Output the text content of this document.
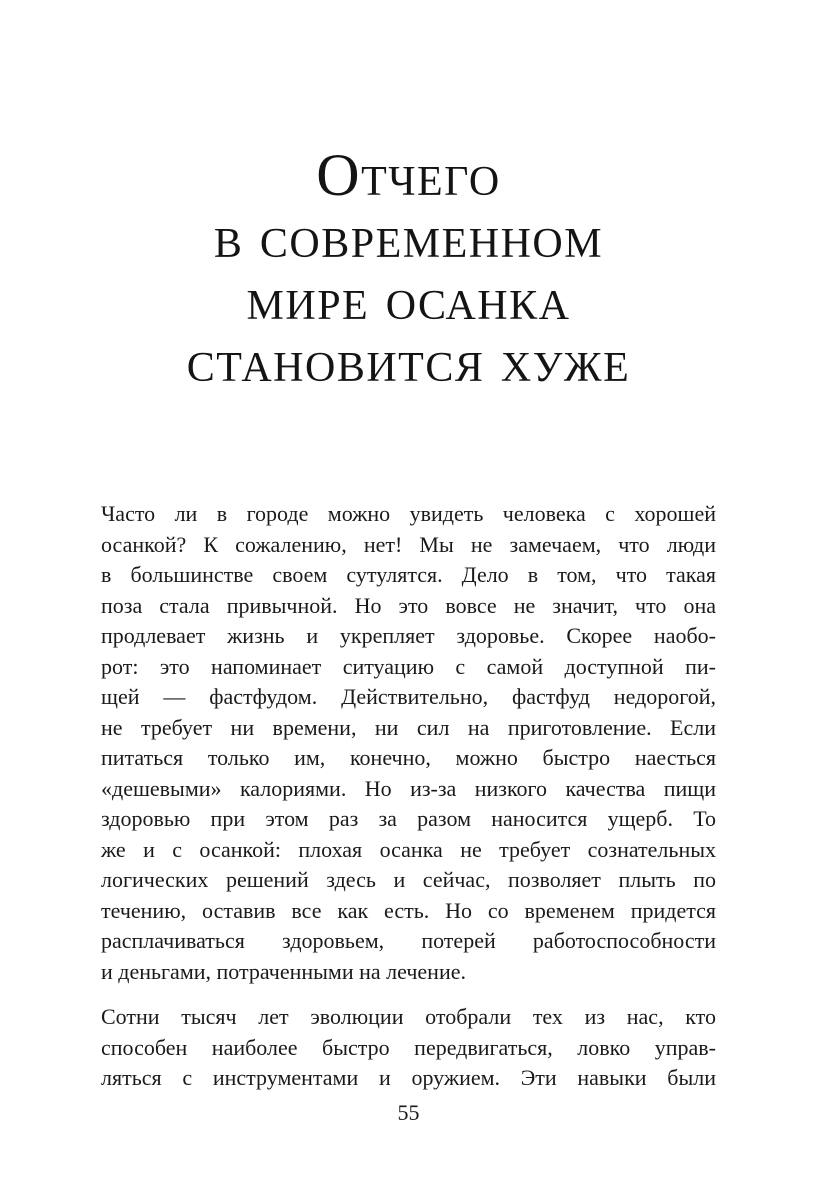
Отчего
в современном
мире осанка
становится хуже

Часто ли в городе можно увидеть человека с хорошей
осанкой? К сожалению, нет! Мы не замечаем, что люди
в большинстве своем сутулятся. Дело в том, что такая
поза стала привычной. Но это вовсе не значит, что она
продлевает жизнь и укрепляет здоровье. Скорее наобо-
рот: это напоминает ситуацию с самой доступной пи-
щей — фастфудом. Действительно, фастфуд недорогой,
не требует ни времени, ни сил на приготовление. Если
питаться только им, конечно, можно быстро наесться
«дешевыми» калориями. Но из-за низкого качества пищи
здоровью при этом раз за разом наносится ущерб. То
же и с осанкой: плохая осанка не требует сознательных
логических решений здесь и сейчас, позволяет плыть по
течению, оставив все как есть. Но со временем придется
расплачиваться здоровьем, потерей работоспособности
и деньгами, потраченными на лечение.

Сотни тысяч лет эволюции отобрали тех из нас, кто
способен наиболее быстро передвигаться, ловко управ-
ляться с инструментами и оружием. Эти навыки были

55
